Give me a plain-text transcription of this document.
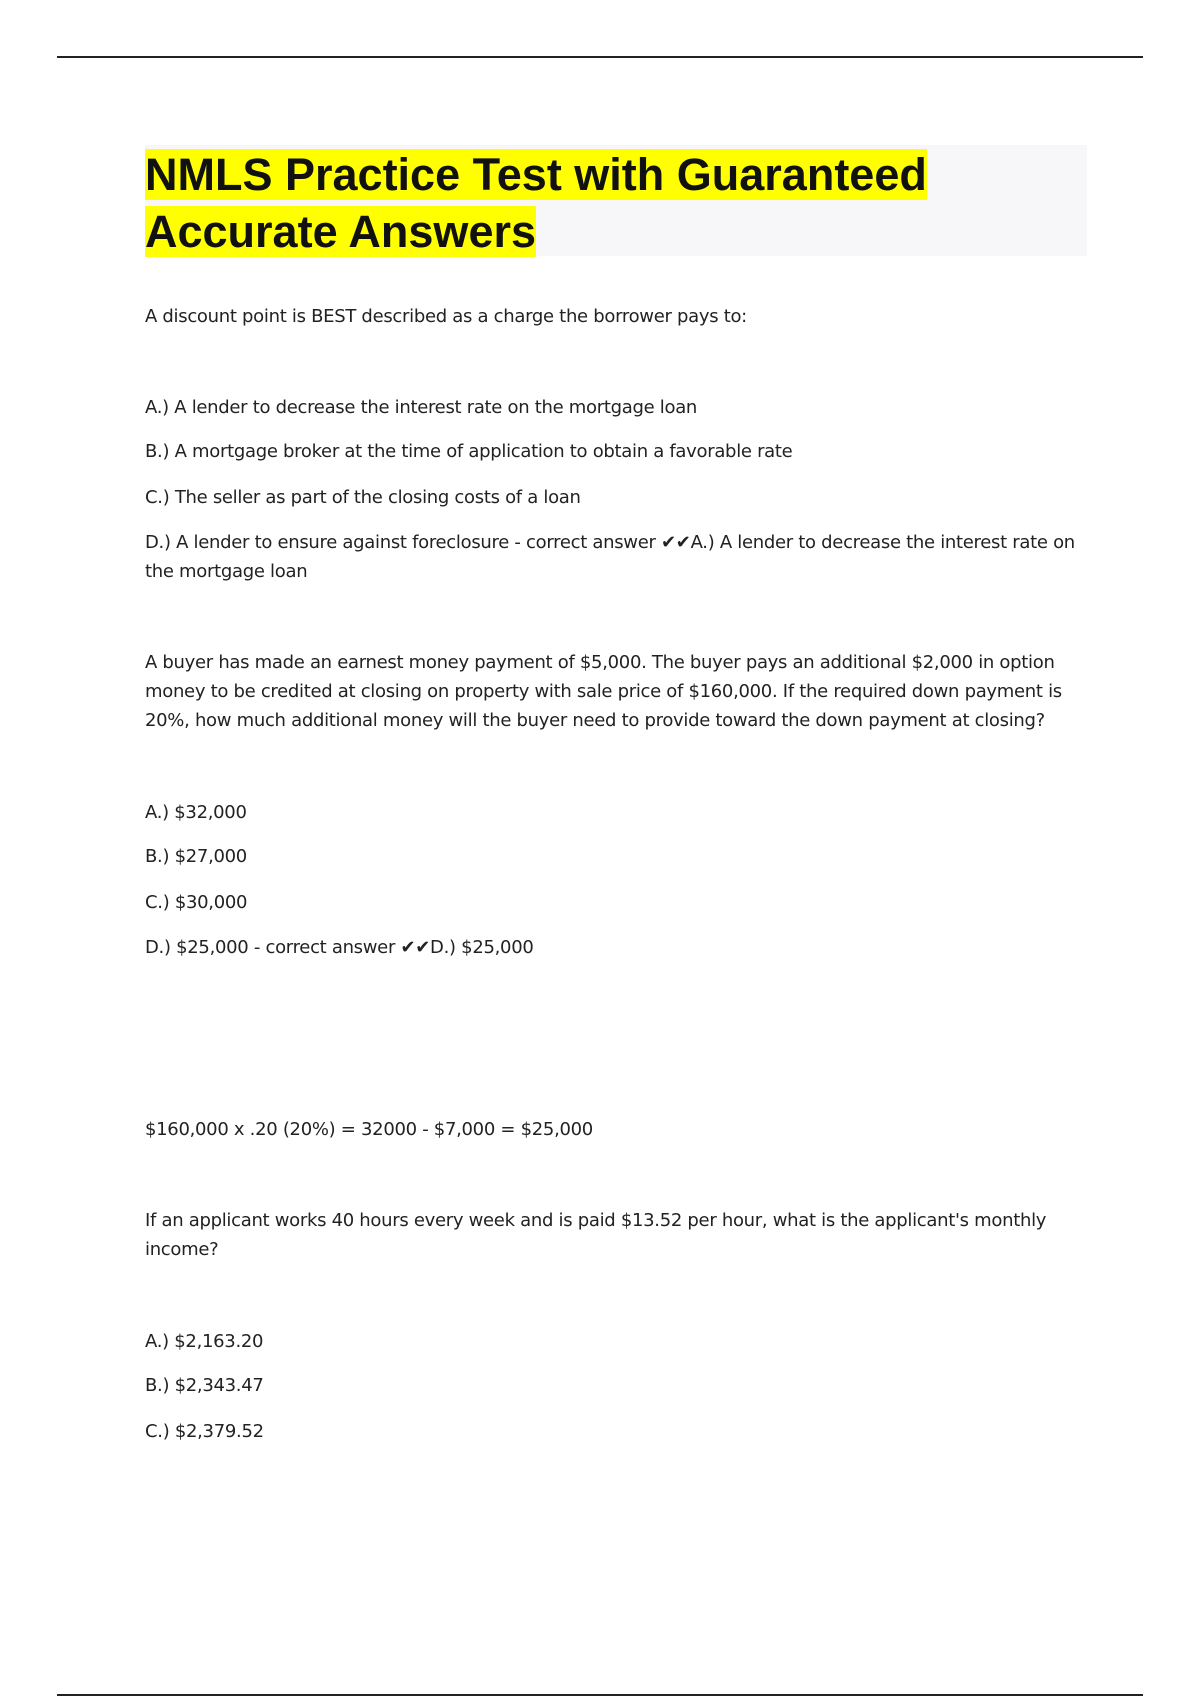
NMLS Practice Test with Guaranteed Accurate Answers

A discount point is BEST described as a charge the borrower pays to:

A.) A lender to decrease the interest rate on the mortgage loan

B.) A mortgage broker at the time of application to obtain a favorable rate

C.) The seller as part of the closing costs of a loan

D.) A lender to ensure against foreclosure - correct answer ✔✔A.) A lender to decrease the interest rate on the mortgage loan

A buyer has made an earnest money payment of $5,000. The buyer pays an additional $2,000 in option money to be credited at closing on property with sale price of $160,000. If the required down payment is 20%, how much additional money will the buyer need to provide toward the down payment at closing?

A.) $32,000

B.) $27,000

C.) $30,000

D.) $25,000 - correct answer ✔✔D.) $25,000

$160,000 x .20 (20%) = 32000 - $7,000 = $25,000

If an applicant works 40 hours every week and is paid $13.52 per hour, what is the applicant's monthly income?

A.) $2,163.20

B.) $2,343.47

C.) $2,379.52
